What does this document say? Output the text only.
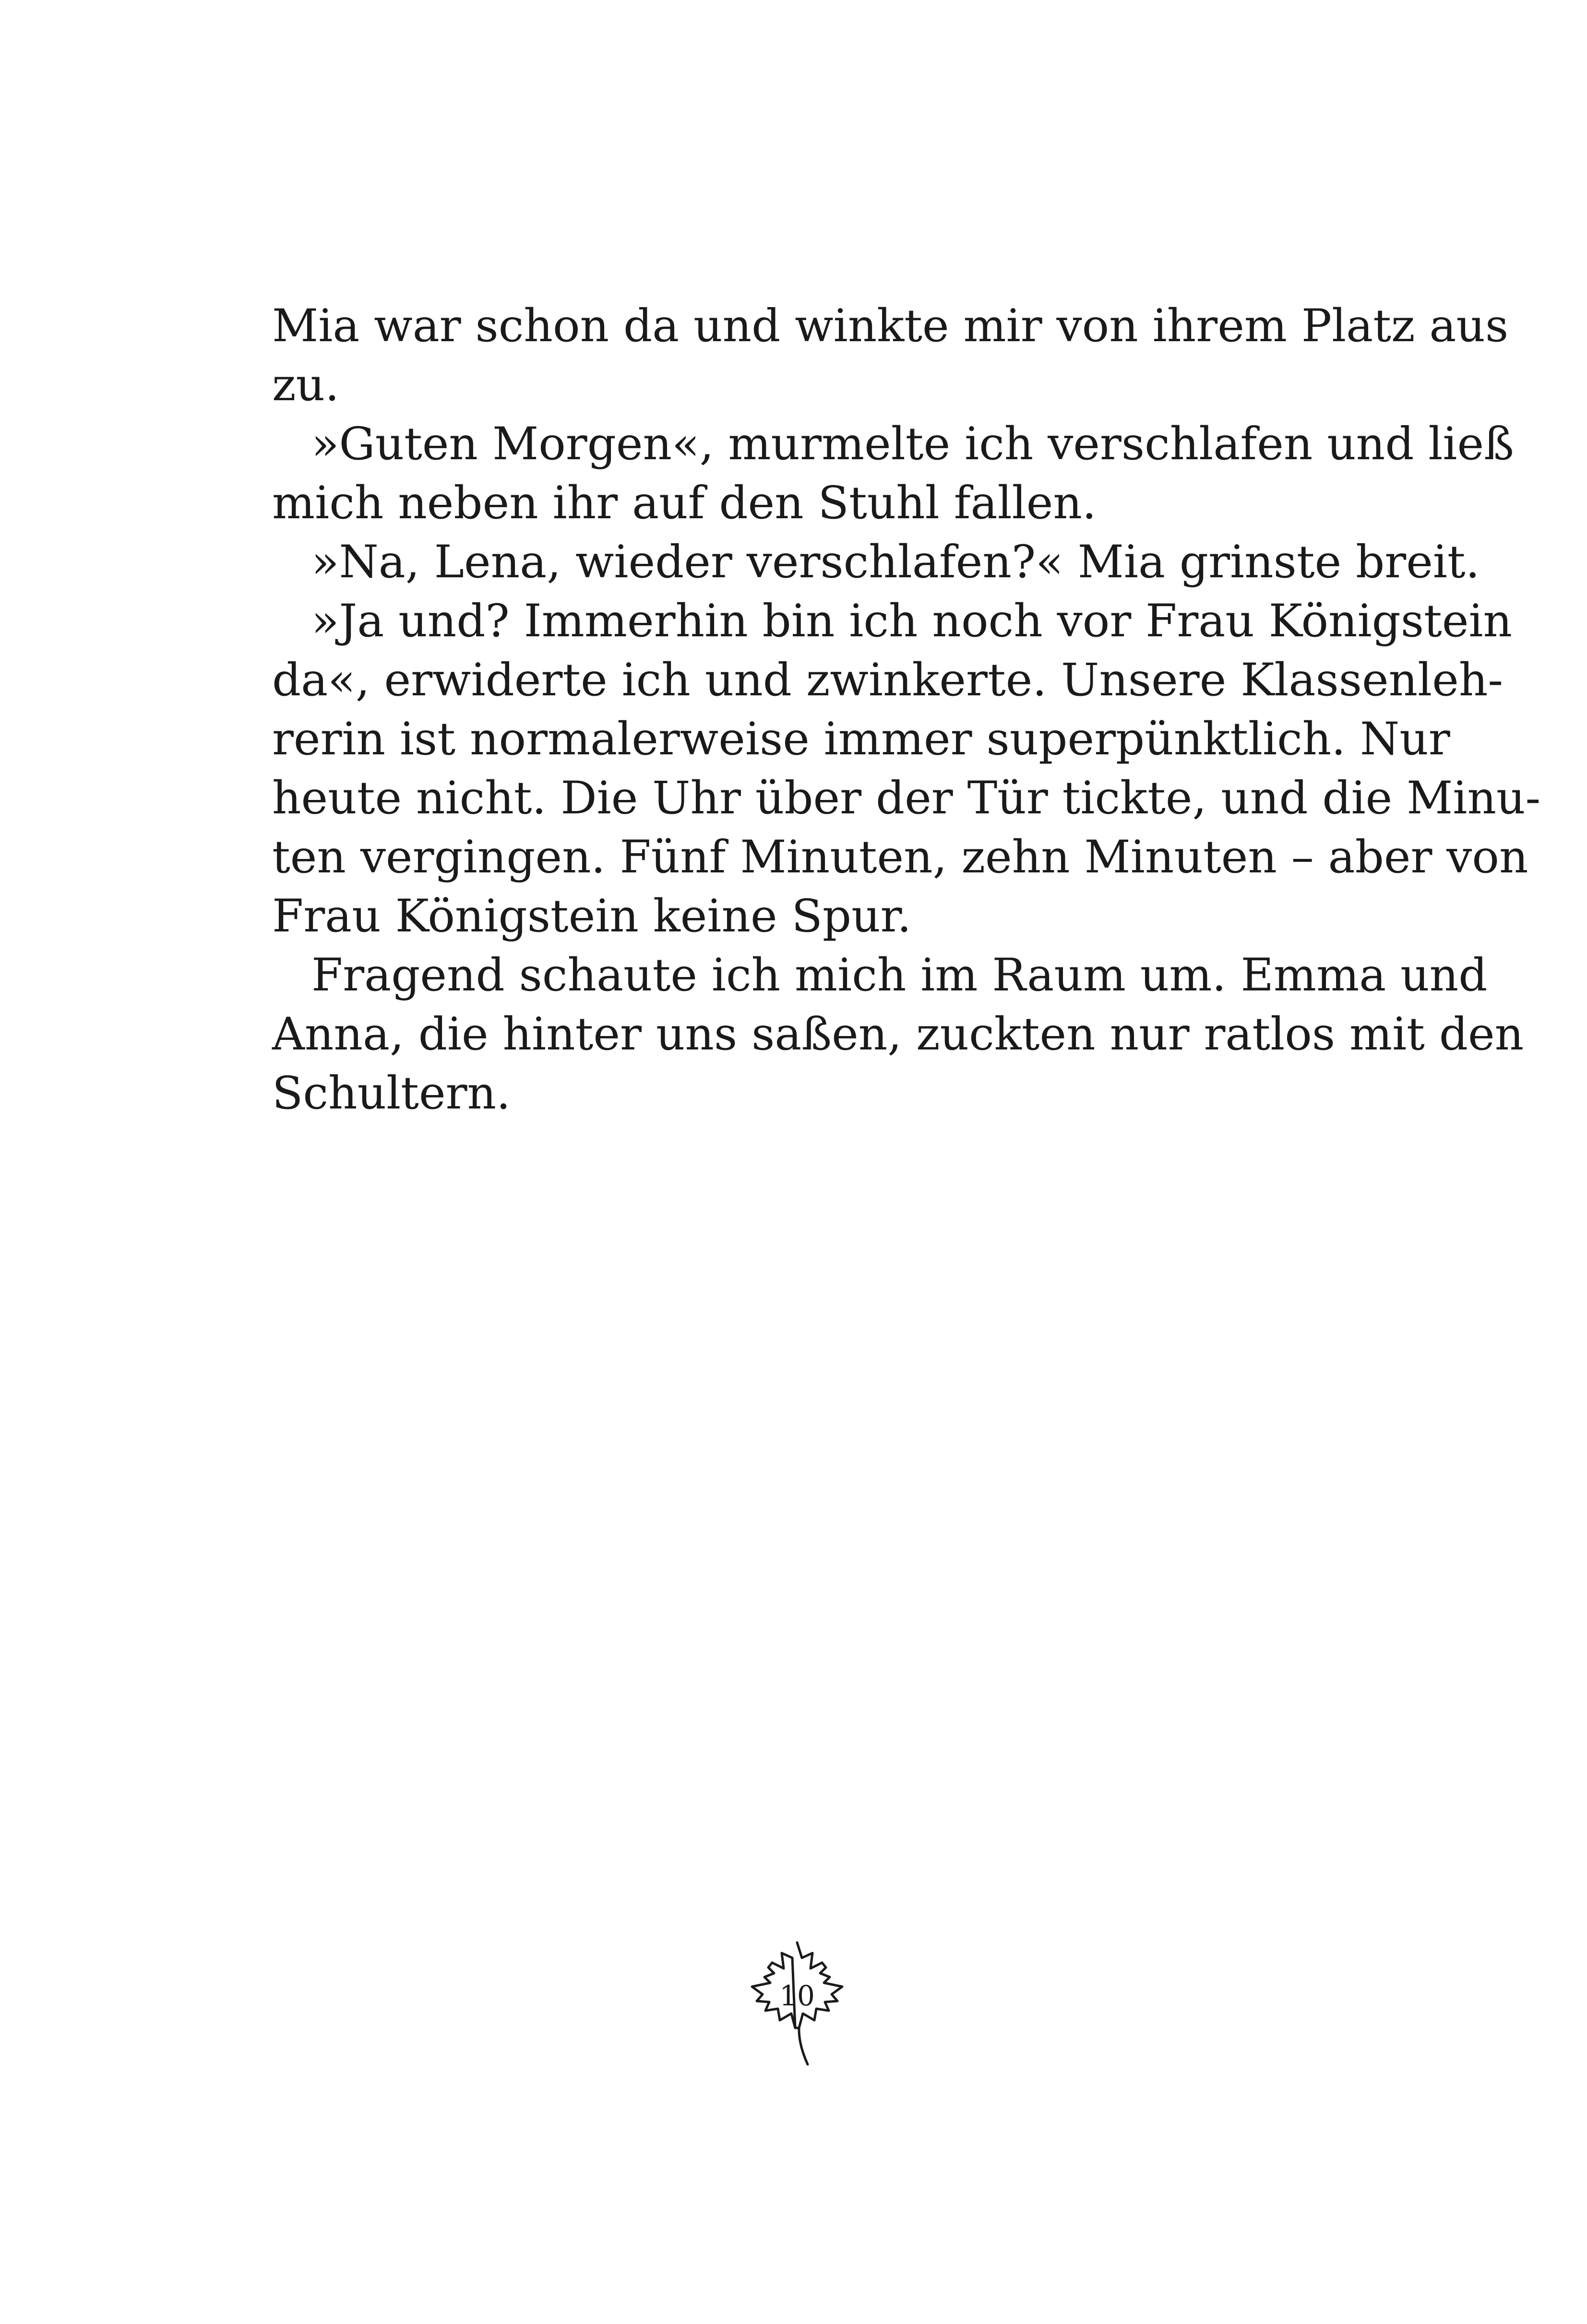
Mia war schon da und winkte mir von ihrem Platz aus
zu.
»Guten Morgen«, murmelte ich verschlafen und ließ
mich neben ihr auf den Stuhl fallen.
»Na, Lena, wieder verschlafen?« Mia grinste breit.
»Ja und? Immerhin bin ich noch vor Frau Königstein
da«, erwiderte ich und zwinkerte. Unsere Klassenleh-
rerin ist normalerweise immer superpünktlich. Nur
heute nicht. Die Uhr über der Tür tickte, und die Minu-
ten vergingen. Fünf Minuten, zehn Minuten – aber von
Frau Königstein keine Spur.
Fragend schaute ich mich im Raum um. Emma und
Anna, die hinter uns saßen, zuckten nur ratlos mit den
Schultern.
10
